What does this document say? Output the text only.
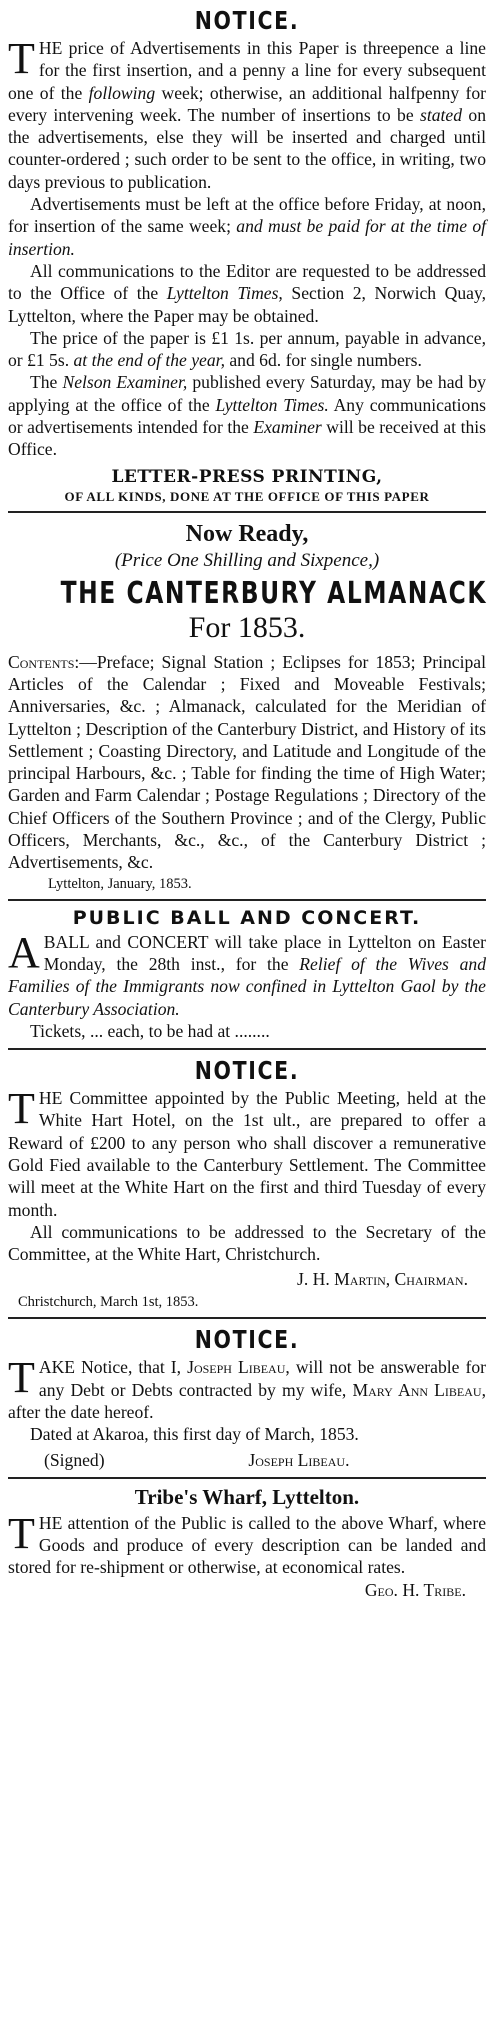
NOTICE.

THE price of Advertisements in this Paper is threepence a line for the first insertion, and a penny a line for every subsequent one of the following week; otherwise, an additional halfpenny for every intervening week. The number of insertions to be stated on the advertisements, else they will be inserted and charged until counter-ordered ; such order to be sent to the office, in writing, two days previous to publication.

Advertisements must be left at the office before Friday, at noon, for insertion of the same week; and must be paid for at the time of insertion.

All communications to the Editor are requested to be addressed to the Office of the Lyttelton Times, Section 2, Norwich Quay, Lyttelton, where the Paper may be obtained.

The price of the paper is £1 1s. per annum, payable in advance, or £1 5s. at the end of the year, and 6d. for single numbers.

The Nelson Examiner, published every Saturday, may be had by applying at the office of the Lyttelton Times. Any communications or advertisements intended for the Examiner will be received at this Office.

LETTER-PRESS PRINTING,
OF ALL KINDS, DONE AT THE OFFICE OF THIS PAPER
Now Ready,
(Price One Shilling and Sixpence,)
THE CANTERBURY ALMANACK
For 1853.

Contents:—Preface; Signal Station ; Eclipses for 1853; Principal Articles of the Calendar ; Fixed and Moveable Festivals; Anniversaries, &c. ; Almanack, calculated for the Meridian of Lyttelton ; Description of the Canterbury District, and History of its Settlement ; Coasting Directory, and Latitude and Longitude of the principal Harbours, &c. ; Table for finding the time of High Water; Garden and Farm Calendar ; Postage Regulations ; Directory of the Chief Officers of the Southern Province ; and of the Clergy, Public Officers, Merchants, &c., &c., of the Canterbury District ; Advertisements, &c.

Lyttelton, January, 1853.
PUBLIC BALL AND CONCERT.

ABALL and CONCERT will take place in Lyttelton on Easter Monday, the 28th inst., for the Relief of the Wives and Families of the Immigrants now confined in Lyttelton Gaol by the Canterbury Association.

Tickets, ... each, to be had at ........

NOTICE.

THE Committee appointed by the Public Meeting, held at the White Hart Hotel, on the 1st ult., are prepared to offer a Reward of £200 to any person who shall discover a remunerative Gold Fied available to the Canterbury Settlement. The Committee will meet at the White Hart on the first and third Tuesday of every month.

All communications to be addressed to the Secretary of the Committee, at the White Hart, Christchurch.

J. H. Martin, Chairman.
Christchurch, March 1st, 1853.
NOTICE.

TAKE Notice, that I, Joseph Libeau, will not be answerable for any Debt or Debts contracted by my wife, Mary Ann Libeau, after the date hereof.

Dated at Akaroa, this first day of March, 1853.

(Signed)	Joseph Libeau.
Tribe's Wharf, Lyttelton.

THE attention of the Public is called to the above Wharf, where Goods and produce of every description can be landed and stored for re-shipment or otherwise, at economical rates.
Geo. H. Tribe.
